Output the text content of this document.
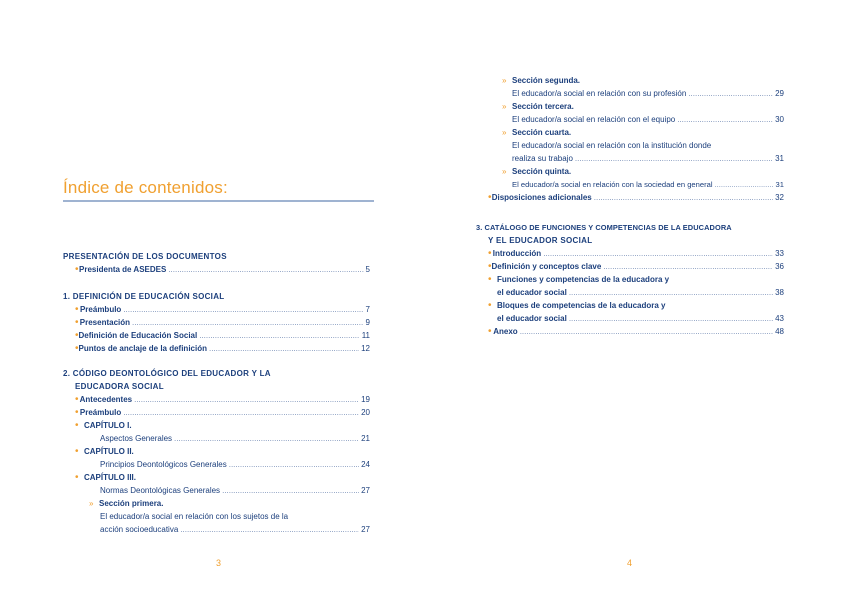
Índice de contenidos:
PRESENTACIÓN DE LOS DOCUMENTOS
• Presidenta de ASEDES .....	5
1. DEFINICIÓN DE EDUCACIÓN SOCIAL
• Preámbulo .....	7
• Presentación .....	9
• Definición de Educación Social .....	11
• Puntos de anclaje de la definición .....	12
2. CÓDIGO DEONTOLÓGICO DEL EDUCADOR Y LA
EDUCADORA SOCIAL
• Antecedentes .....	19
• Preámbulo .....	20
• CAPÍTULO I.
Aspectos Generales .....	21
• CAPÍTULO II.
Principios Deontológicos Generales .....	24
• CAPÍTULO III.
Normas Deontológicas Generales .....	27
» Sección primera.
El educador/a social en relación con los sujetos de la
acción socioeducativa .....	27
3
» Sección segunda.
El educador/a social en relación con su profesión .....	29
» Sección tercera.
El educador/a social en relación con el equipo .....	30
» Sección cuarta.
El educador/a social en relación con la institución donde
realiza su trabajo .....	31
» Sección quinta.
El educador/a social en relación con la sociedad en general .....	31
• Disposiciones adicionales .....	32
3. CATÁLOGO DE FUNCIONES Y COMPETENCIAS DE LA EDUCADORA
Y EL EDUCADOR SOCIAL
• Introducción .....	33
• Definición y conceptos clave .....	36
• Funciones y competencias de la educadora y
el educador social .....	38
• Bloques de competencias de la educadora y
el educador social .....	43
• Anexo .....	48
4
